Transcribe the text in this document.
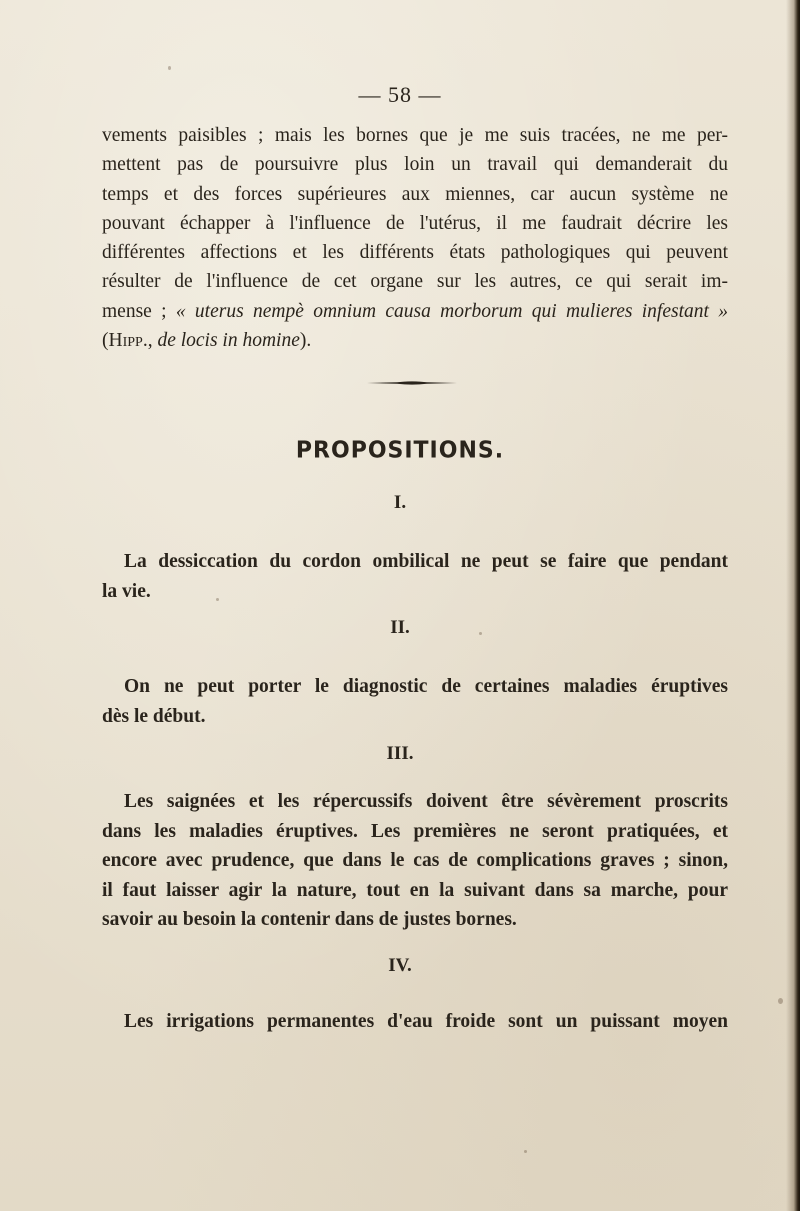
— 58 —
vements paisibles ; mais les bornes que je me suis tracées, ne me per-
mettent pas de poursuivre plus loin un travail qui demanderait du
temps et des forces supérieures aux miennes, car aucun système ne
pouvant échapper à l'influence de l'utérus, il me faudrait décrire les
différentes affections et les différents états pathologiques qui peuvent
résulter de l'influence de cet organe sur les autres, ce qui serait im-
mense ; « uterus nempè omnium causa morborum qui mulieres infestant »
(Hipp., de locis in homine).
PROPOSITIONS.
I.
La dessiccation du cordon ombilical ne peut se faire que pendant
la vie.
II.
On ne peut porter le diagnostic de certaines maladies éruptives
dès le début.
III.
Les saignées et les répercussifs doivent être sévèrement proscrits
dans les maladies éruptives. Les premières ne seront pratiquées, et
encore avec prudence, que dans le cas de complications graves ; sinon,
il faut laisser agir la nature, tout en la suivant dans sa marche, pour
savoir au besoin la contenir dans de justes bornes.
IV.
Les irrigations permanentes d'eau froide sont un puissant moyen
